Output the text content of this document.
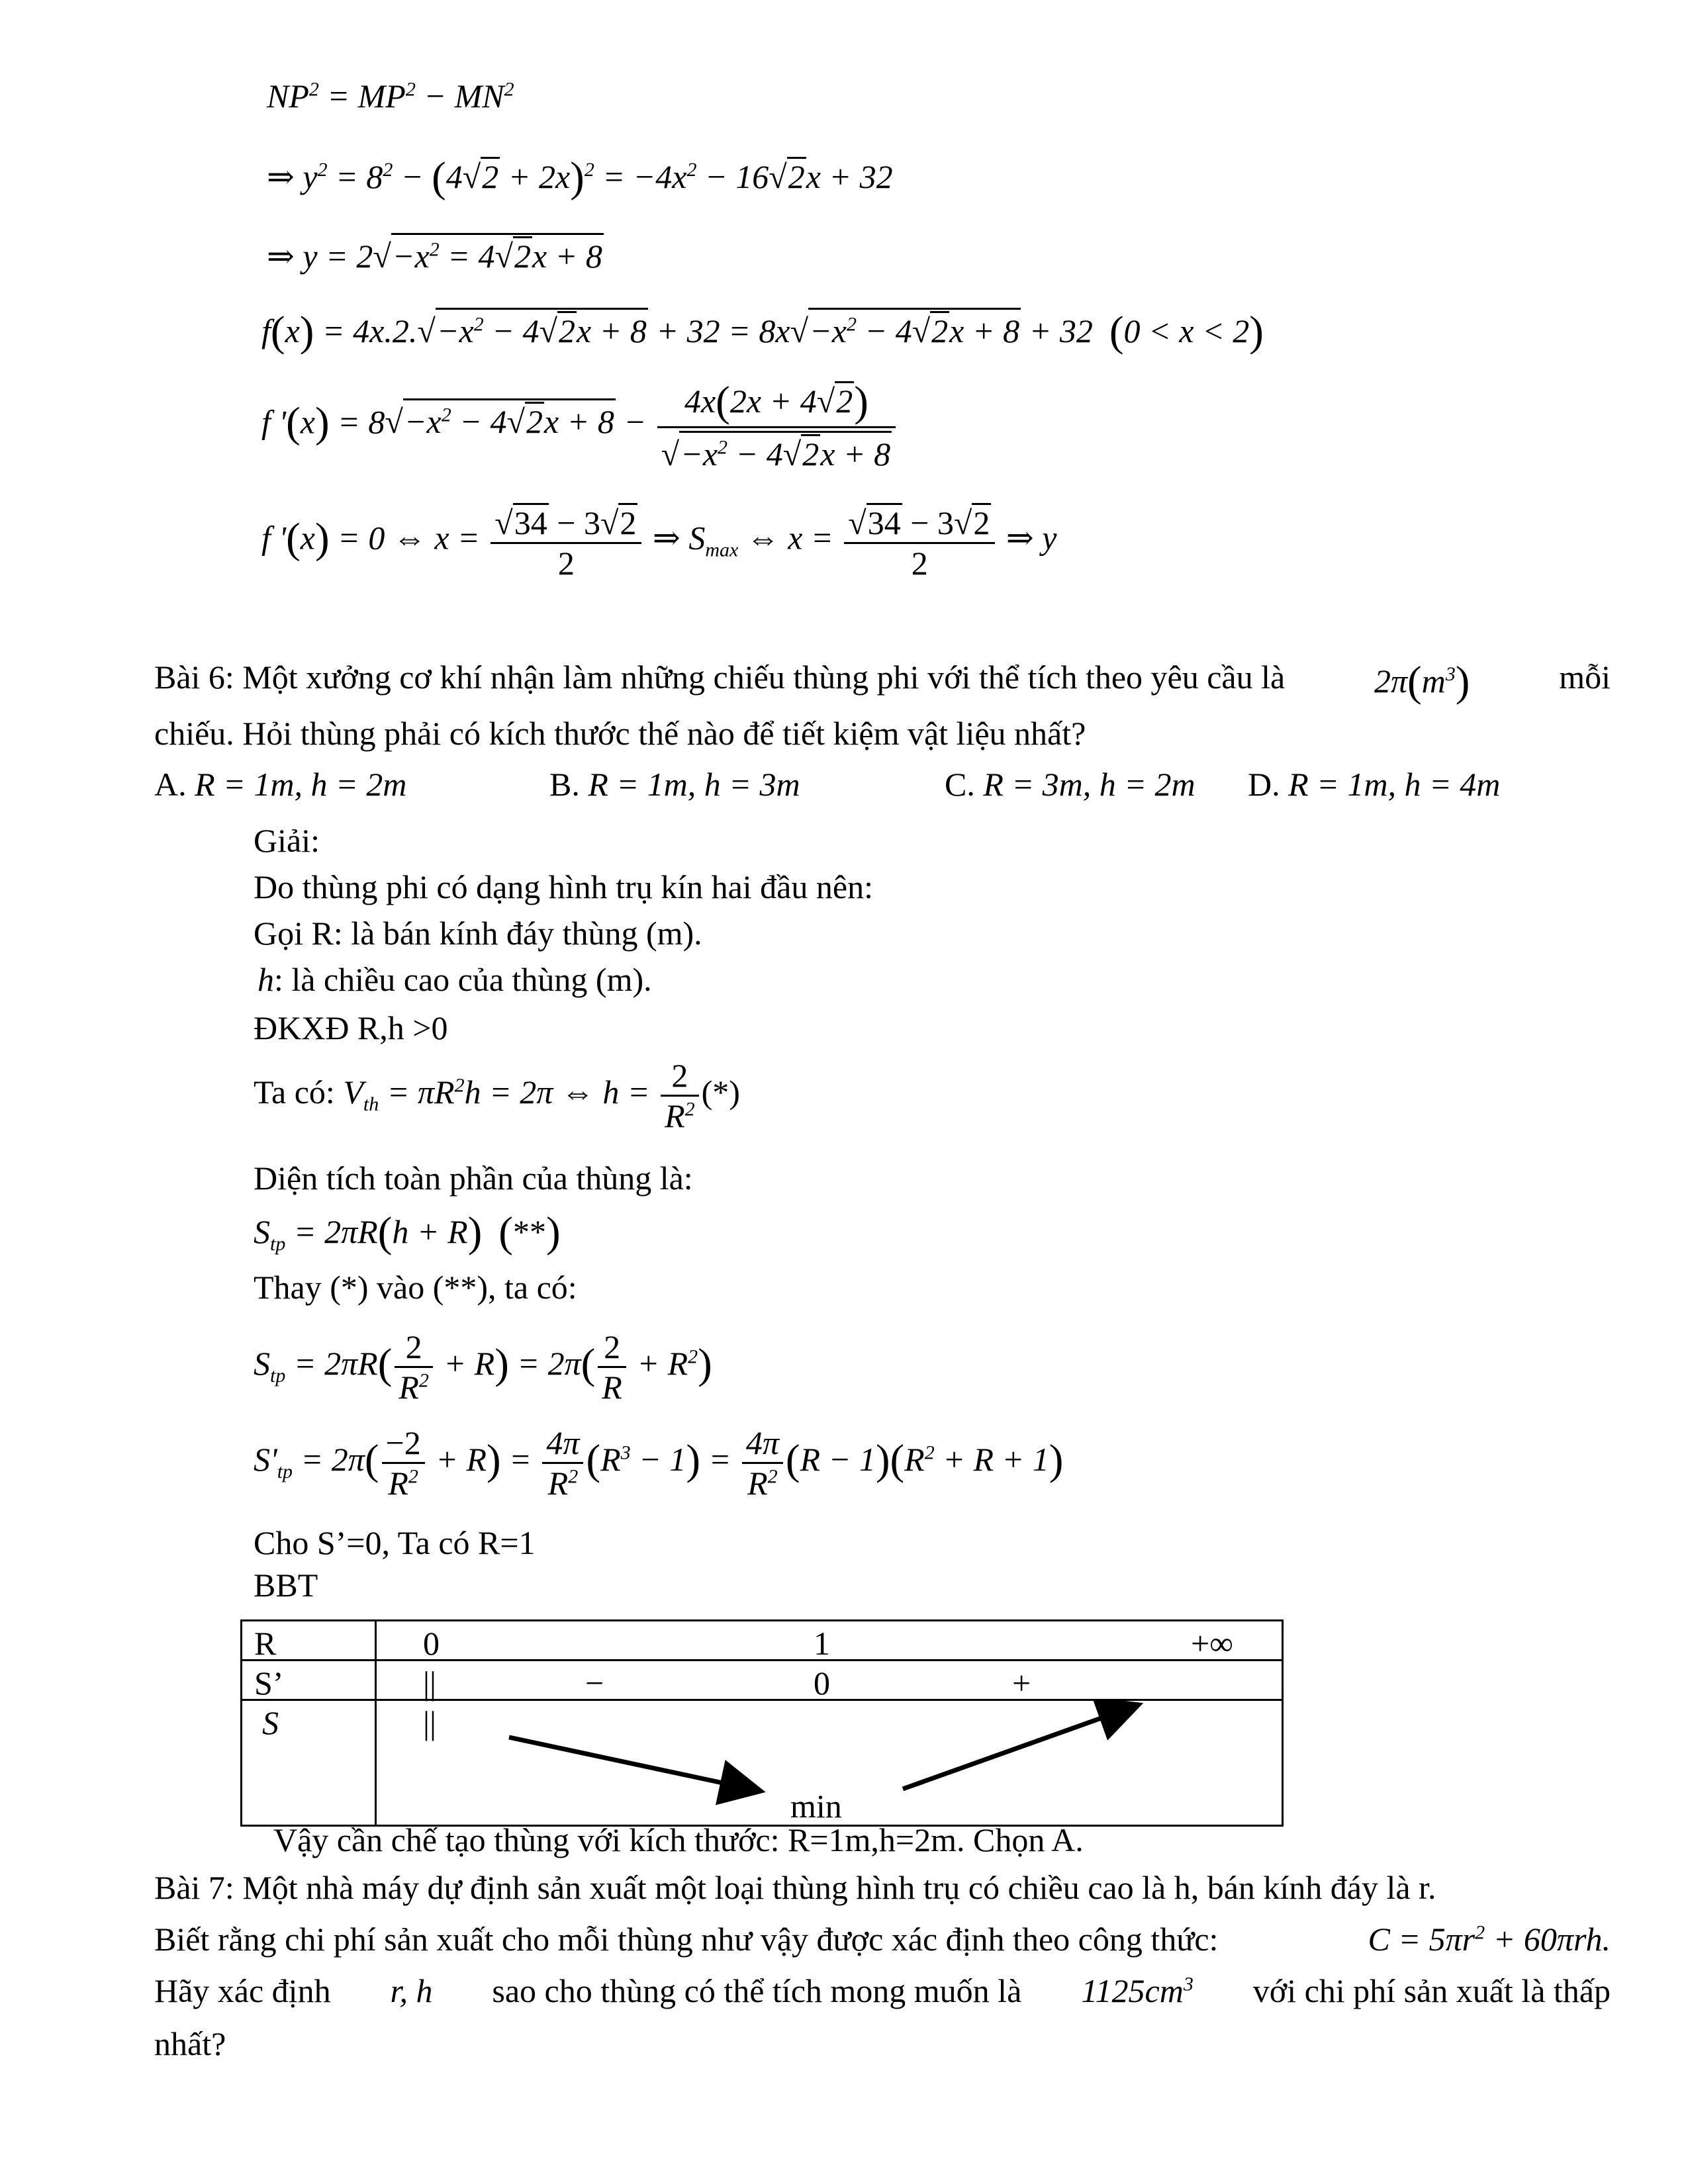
$NP^2 = MP^2 - MN^2$
⇒ $y^2 = 8^2 - (4√2 + 2x)^2 = -4x^2 - 16√2x + 32$
⇒ $y = 2√-x^2 = 4√2x + 8$
$f(x) = 4x.2.√-x^2 - 4√2x + 8 + 32 = 8x√-x^2 - 4√2x + 8 + 32$  (0 < x < 2)
f '$(x) = 8√-x^2 - 4√2x + 8 - \frac{4x(2x + 4√2)}{√-x^2 - 4√2x + 8}$
f '(x) = 0 ⇔ $x = \frac{√34 - 3√2}{2}$ ⇒ $S_{max}$ ⇔ $x = \frac{√34 - 3√2}{2}$ ⇒ y
Bài 6: Một xưởng cơ khí nhận làm những chiếu thùng phi với thể tích theo yêu cầu là	$2\pi(m^3)$	mỗi
chiếu. Hỏi thùng phải có kích thước thế nào để tiết kiệm vật liệu nhất?
A. R = 1m, h = 2m	B. R = 1m, h = 3m	C. R = 3m, h = 2m D. R = 1m, h = 4m
Giải:
Do thùng phi có dạng hình trụ kín hai đầu nên:
Gọi R: là bán kính đáy thùng (m).
h: là chiều cao của thùng (m).
ĐKXĐ R,h >0
Ta có: $V_{th} = \pi R^2h = 2\pi$ ⇔ $h = \frac{2}{R^2}$ (*)
Diện tích toàn phần của thùng là:
$S_{tp} = 2\pi R(h + R)$ (**)
Thay (*) vào (**), ta có:
$S_{tp} = 2\pi R( \frac{2}{R^2} + R) = 2\pi( \frac{2}{R} + R^2)$
$S'_{tp} = 2\pi( \frac{-2}{R^2} + R) = \frac{4\pi}{R^2} (R^3 - 1) = \frac{4\pi}{R^2} (R - 1)(R^2 + R + 1)$
Cho S’=0, Ta có R=1
BBT
R	0 1 +∞

S’	|| − 0 +

S	||
min
Vậy cần chế tạo thùng với kích thước: R=1m,h=2m. Chọn A.
Bài 7: Một nhà máy dự định sản xuất một loại thùng hình trụ có chiều cao là h, bán kính đáy là r.
Biết rằng chi phí sản xuất cho mỗi thùng như vậy được xác định theo công thức:	$C = 5\pi r^2 + 60\pi rh$.
Hãy xác định r, h sao cho thùng có thể tích mong muốn là $1125cm^3$ với chi phí sản xuất là thấp
nhất?
